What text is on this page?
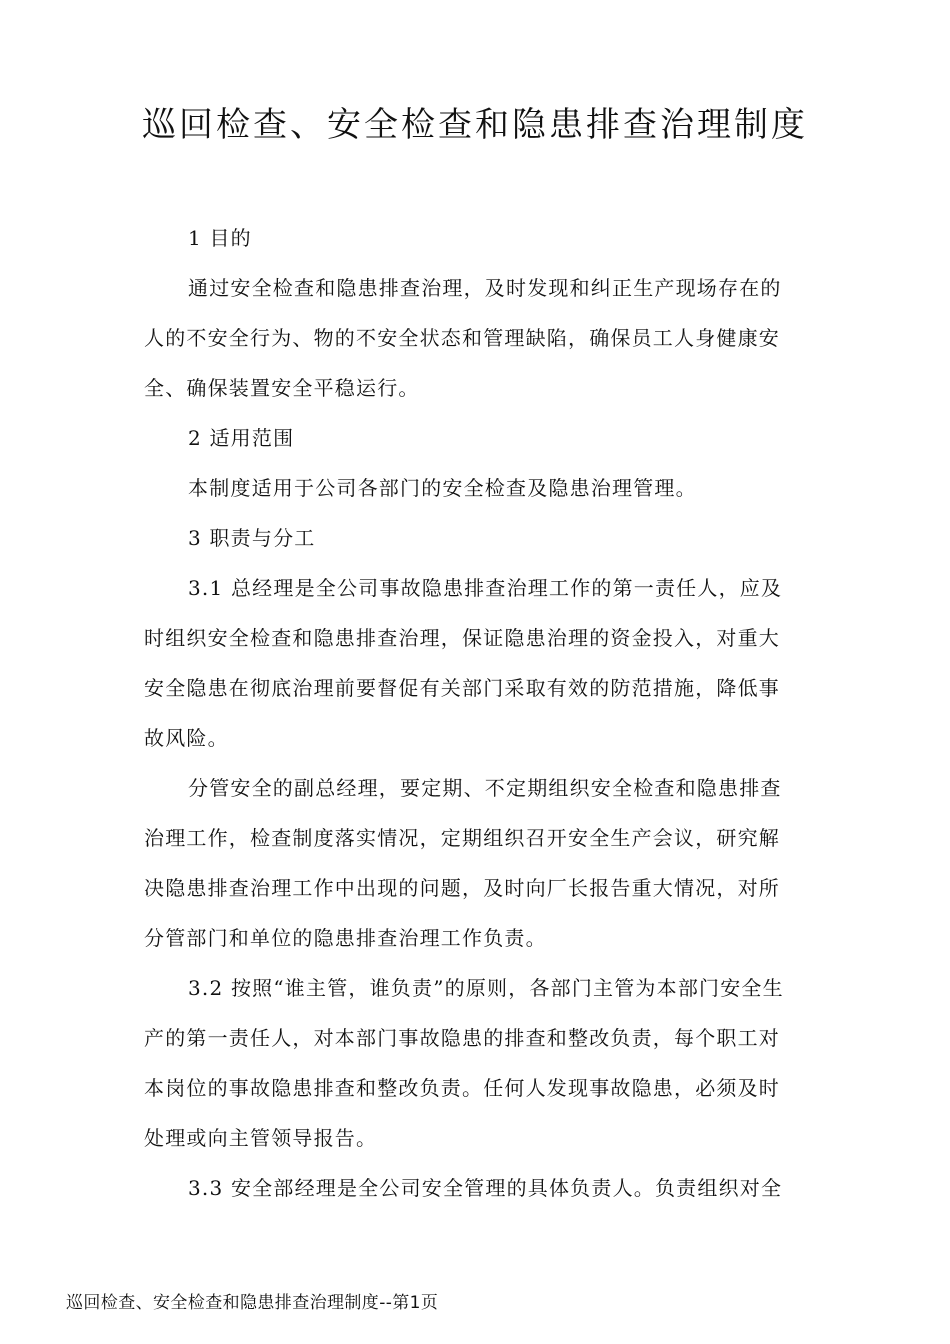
巡回检查、安全检查和隐患排查治理制度
1 目的
通过安全检查和隐患排查治理，及时发现和纠正生产现场存在的
人的不安全行为、物的不安全状态和管理缺陷，确保员工人身健康安
全、确保装置安全平稳运行。
2 适用范围
本制度适用于公司各部门的安全检查及隐患治理管理。
3 职责与分工
3.1 总经理是全公司事故隐患排查治理工作的第一责任人，应及
时组织安全检查和隐患排查治理，保证隐患治理的资金投入，对重大
安全隐患在彻底治理前要督促有关部门采取有效的防范措施，降低事
故风险。
分管安全的副总经理，要定期、不定期组织安全检查和隐患排查
治理工作，检查制度落实情况，定期组织召开安全生产会议，研究解
决隐患排查治理工作中出现的问题，及时向厂长报告重大情况，对所
分管部门和单位的隐患排查治理工作负责。
3.2 按照“谁主管，谁负责”的原则，各部门主管为本部门安全生
产的第一责任人，对本部门事故隐患的排查和整改负责，每个职工对
本岗位的事故隐患排查和整改负责。任何人发现事故隐患，必须及时
处理或向主管领导报告。
3.3 安全部经理是全公司安全管理的具体负责人。负责组织对全
巡回检查、安全检查和隐患排查治理制度--第1页
